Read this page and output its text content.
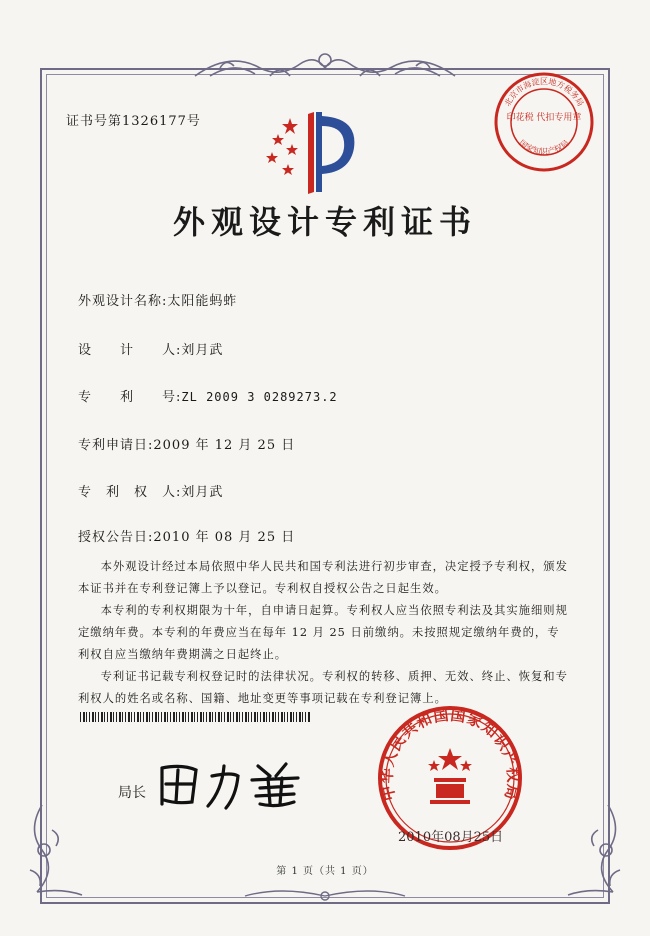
证书号第1326177号
北京市海淀区地方税务局
国家知识产权局
印花税 代扣专用章
外观设计专利证书
外观设计名称:太阳能蚂蚱
设　　计　　人:刘月武
专　　利　　号:ZL 2009 3 0289273.2
专利申请日:2009 年 12 月 25 日
专　利　权　人:刘月武
授权公告日:2010 年 08 月 25 日

本外观设计经过本局依照中华人民共和国专利法进行初步审查，决定授予专利权，颁发本证书并在专利登记簿上予以登记。专利权自授权公告之日起生效。

本专利的专利权期限为十年，自申请日起算。专利权人应当依照专利法及其实施细则规定缴纳年费。本专利的年费应当在每年 12 月 25 日前缴纳。未按照规定缴纳年费的，专利权自应当缴纳年费期满之日起终止。

专利证书记载专利权登记时的法律状况。专利权的转移、质押、无效、终止、恢复和专利权人的姓名或名称、国籍、地址变更等事项记载在专利登记簿上。

局长	中华人民共和国国家知识产权局
2010年08月25日
第 1 页（共 1 页）
